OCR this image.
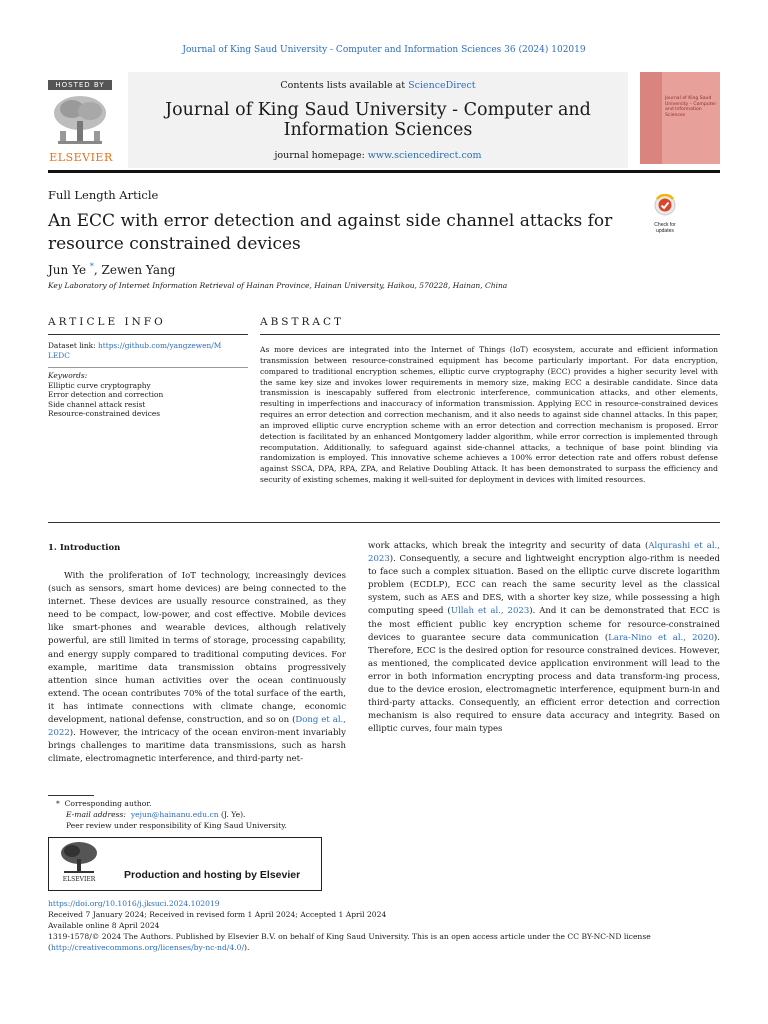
Journal of King Saud University - Computer and Information Sciences 36 (2024) 102019
HOSTED BY
ELSEVIER
Contents lists available at ScienceDirect
Journal of King Saud University - Computer and Information Sciences
journal homepage: www.sciencedirect.com
Journal of King Saud University – Computer and Information Sciences
Full Length Article
An ECC with error detection and against side channel attacks for resource constrained devices
Check for updates
Jun Ye *, Zewen Yang
Key Laboratory of Internet Information Retrieval of Hainan Province, Hainan University, Haikou, 570228, Hainan, China
ARTICLE INFO
Dataset link: https://github.com/yangzewen/MLEDC
Keywords:
Elliptic curve cryptography
Error detection and correction
Side channel attack resist
Resource-constrained devices
ABSTRACT
As more devices are integrated into the Internet of Things (IoT) ecosystem, accurate and efficient information transmission between resource-constrained equipment has become particularly important. For data encryption, compared to traditional encryption schemes, elliptic curve cryptography (ECC) provides a higher security level with the same key size and invokes lower requirements in memory size, making ECC a desirable candidate. Since data transmission is inescapably suffered from electronic interference, communication attacks, and other elements, resulting in imperfections and inaccuracy of information transmission. Applying ECC in resource-constrained devices requires an error detection and correction mechanism, and it also needs to against side channel attacks. In this paper, an improved elliptic curve encryption scheme with an error detection and correction mechanism is proposed. Error detection is facilitated by an enhanced Montgomery ladder algorithm, while error correction is implemented through recomputation. Additionally, to safeguard against side-channel attacks, a technique of base point blinding via randomization is employed. This innovative scheme achieves a 100% error detection rate and offers robust defense against SSCA, DPA, RPA, ZPA, and Relative Doubling Attack. It has been demonstrated to surpass the efficiency and security of existing schemes, making it well-suited for deployment in devices with limited resources.
1. Introduction

With the proliferation of IoT technology, increasingly devices (such as sensors, smart home devices) are being connected to the internet. These devices are usually resource constrained, as they need to be compact, low-power, and cost effective. Mobile devices like smart-phones and wearable devices, although relatively powerful, are still limited in terms of storage, processing capability, and energy supply compared to traditional computing devices. For example, maritime data transmission obtains progressively attention since human activities over the ocean continuously extend. The ocean contributes 70% of the total surface of the earth, it has intimate connections with climate change, economic development, national defense, construction, and so on (Dong et al., 2022). However, the intricacy of the ocean environ-ment invariably brings challenges to maritime data transmissions, such as harsh climate, electromagnetic interference, and third-party net-

work attacks, which break the integrity and security of data (Alqurashi et al., 2023). Consequently, a secure and lightweight encryption algo-rithm is needed to face such a complex situation. Based on the elliptic curve discrete logarithm problem (ECDLP), ECC can reach the same security level as the classical system, such as AES and DES, with a shorter key size, while possessing a high computing speed (Ullah et al., 2023). And it can be demonstrated that ECC is the most efficient public key encryption scheme for resource-constrained devices to guarantee secure data communication (Lara-Nino et al., 2020). Therefore, ECC is the desired option for resource constrained devices. However, as mentioned, the complicated device application environment will lead to the error in both information encrypting process and data transform-ing process, due to the device erosion, electromagnetic interference, equipment burn-in and third-party attacks. Consequently, an efficient error detection and correction mechanism is also required to ensure data accuracy and integrity. Based on elliptic curves, four main types

* Corresponding author.
E-mail address: yejun@hainanu.edu.cn (J. Ye).
Peer review under responsibility of King Saud University.
ELSEVIER	Production and hosting by Elsevier
https://doi.org/10.1016/j.jksuci.2024.102019
Received 7 January 2024; Received in revised form 1 April 2024; Accepted 1 April 2024
Available online 8 April 2024
1319-1578/© 2024 The Authors. Published by Elsevier B.V. on behalf of King Saud University. This is an open access article under the CC BY-NC-ND license
(http://creativecommons.org/licenses/by-nc-nd/4.0/).
